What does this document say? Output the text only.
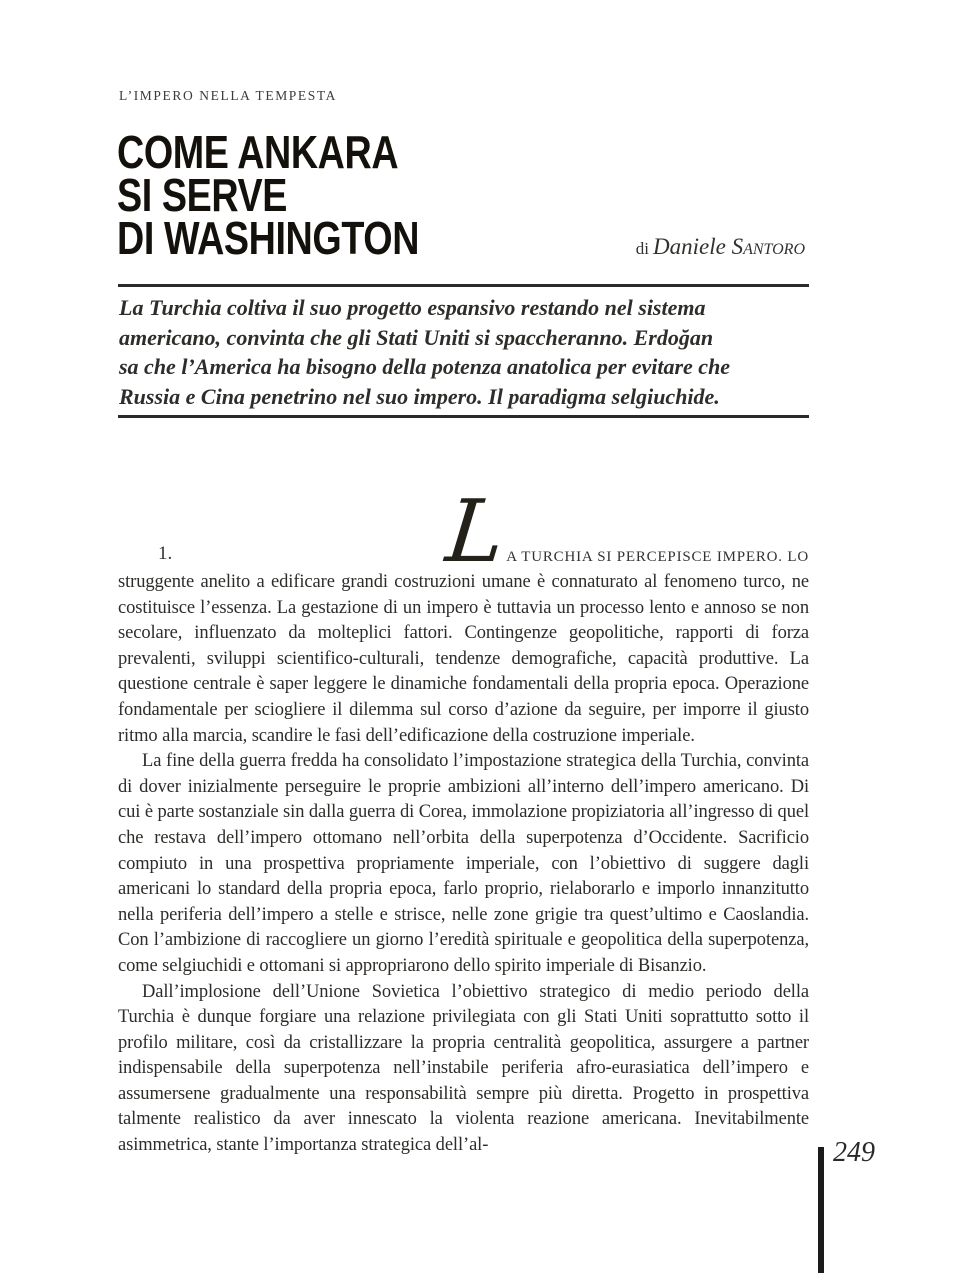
L’IMPERO NELLA TEMPESTA
COME ANKARA
SI SERVE
DI WASHINGTON	di Daniele Santoro
La Turchia coltiva il suo progetto espansivo restando nel sistema
americano, convinta che gli Stati Uniti si spaccheranno. Erdoğan
sa che l’America ha bisogno della potenza anatolica per evitare che
Russia e Cina penetrino nel suo impero. Il paradigma selgiuchide.
1.	LA TURCHIA SI PERCEPISCE IMPERO. LO

struggente anelito a edificare grandi costruzioni umane è connaturato al fenomeno turco, ne costituisce l’essenza. La gestazione di un impero è tuttavia un processo lento e annoso se non secolare, influenzato da molteplici fattori. Contingenze geopolitiche, rapporti di forza prevalenti, sviluppi scientifico-culturali, tendenze demografiche, capacità produttive. La questione centrale è saper leggere le dinamiche fondamentali della propria epoca. Operazione fondamentale per sciogliere il dilemma sul corso d’azione da seguire, per imporre il giusto ritmo alla marcia, scandire le fasi dell’edificazione della costruzione imperiale.

La fine della guerra fredda ha consolidato l’impostazione strategica della Turchia, convinta di dover inizialmente perseguire le proprie ambizioni all’interno dell’impero americano. Di cui è parte sostanziale sin dalla guerra di Corea, immolazione propiziatoria all’ingresso di quel che restava dell’impero ottomano nell’orbita della superpotenza d’Occidente. Sacrificio compiuto in una prospettiva propriamente imperiale, con l’obiettivo di suggere dagli americani lo standard della propria epoca, farlo proprio, rielaborarlo e imporlo innanzitutto nella periferia dell’impero a stelle e strisce, nelle zone grigie tra quest’ultimo e Caoslandia. Con l’ambizione di raccogliere un giorno l’eredità spirituale e geopolitica della superpotenza, come selgiuchidi e ottomani si appropriarono dello spirito imperiale di Bisanzio.

Dall’implosione dell’Unione Sovietica l’obiettivo strategico di medio periodo della Turchia è dunque forgiare una relazione privilegiata con gli Stati Uniti soprattutto sotto il profilo militare, così da cristallizzare la propria centralità geopolitica, assurgere a partner indispensabile della superpotenza nell’instabile periferia afro-eurasiatica dell’impero e assumersene gradualmente una responsabilità sempre più diretta. Progetto in prospettiva talmente realistico da aver innescato la violenta reazione americana. Inevitabilmente asimmetrica, stante l’importanza strategica dell’al-	249
